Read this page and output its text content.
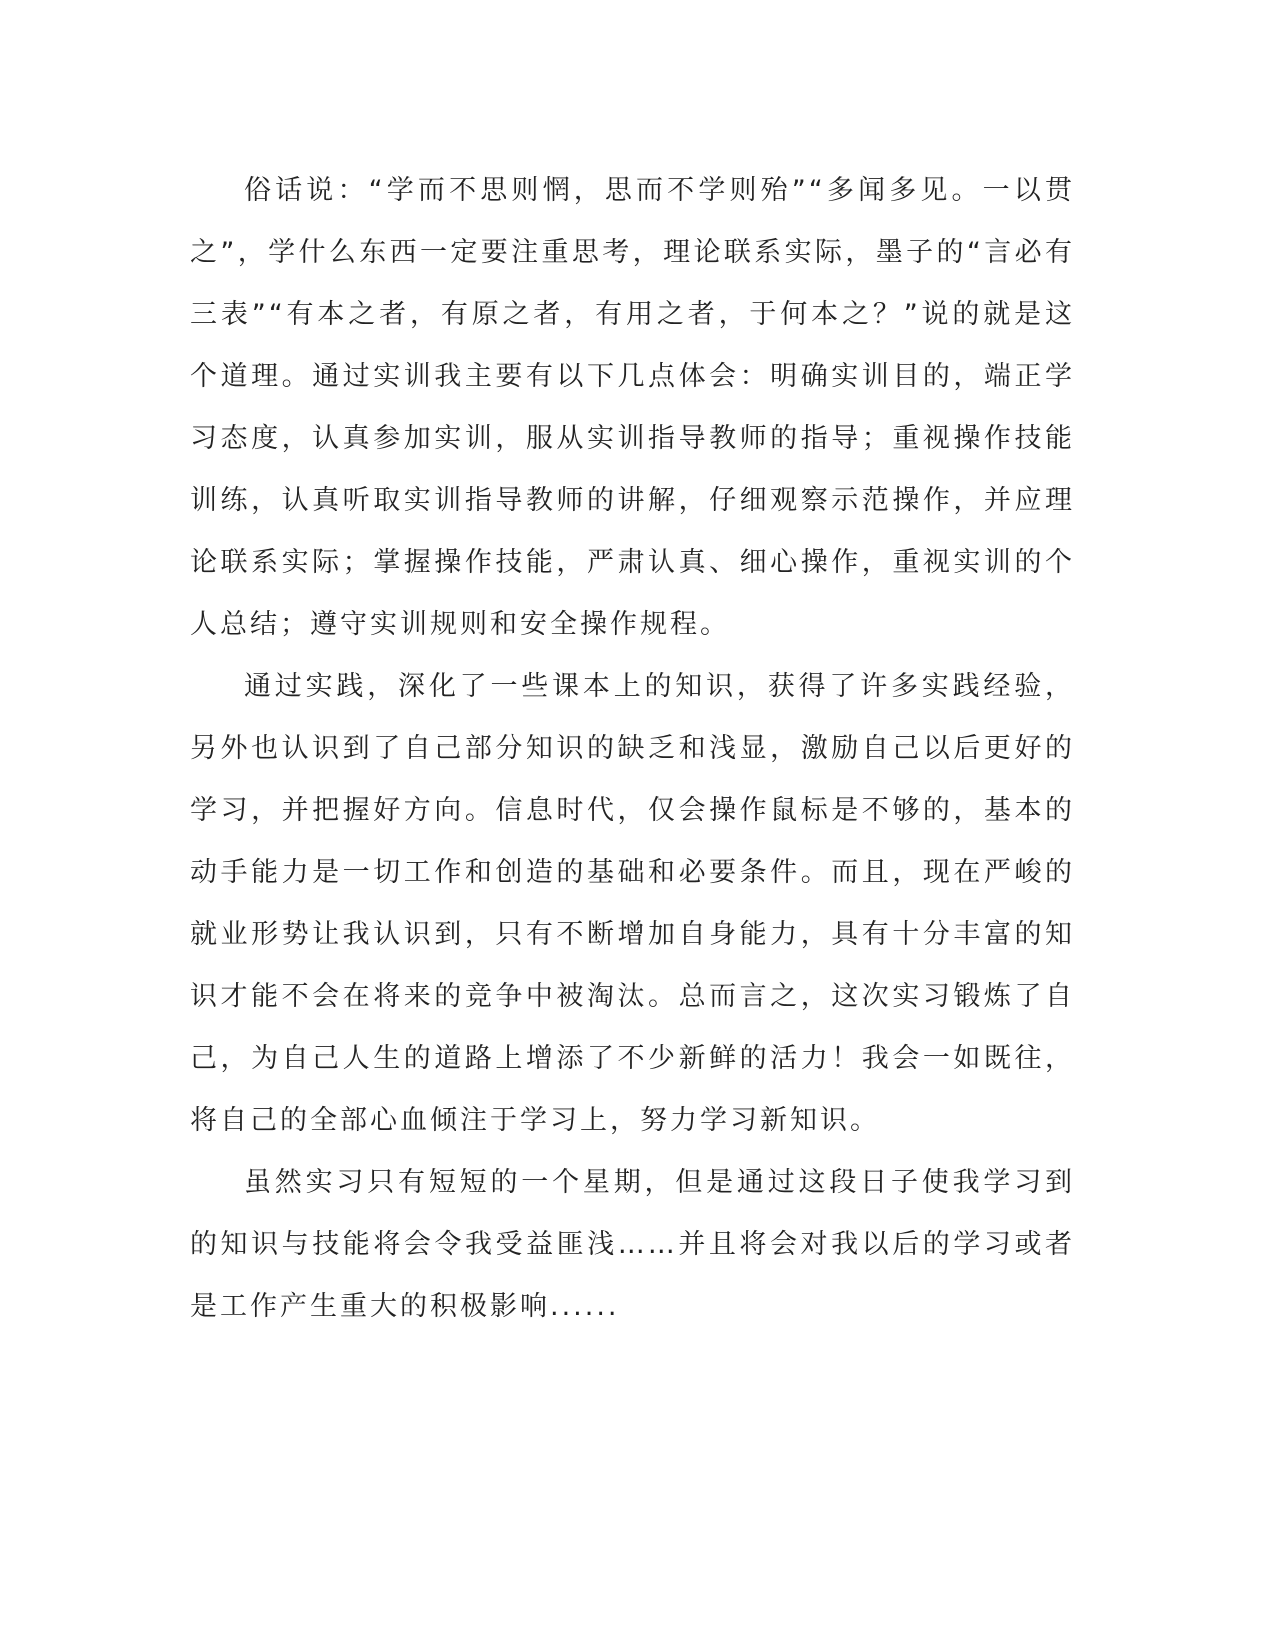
俗话说：“学而不思则惘，思而不学则殆”“多闻多见。一以贯之”，学什么东西一定要注重思考，理论联系实际，墨子的“言必有三表”“有本之者，有原之者，有用之者，于何本之？”说的就是这个道理。通过实训我主要有以下几点体会：明确实训目的，端正学习态度，认真参加实训，服从实训指导教师的指导；重视操作技能训练，认真听取实训指导教师的讲解，仔细观察示范操作，并应理论联系实际；掌握操作技能，严肃认真、细心操作，重视实训的个人总结；遵守实训规则和安全操作规程。

通过实践，深化了一些课本上的知识，获得了许多实践经验，另外也认识到了自己部分知识的缺乏和浅显，激励自己以后更好的学习，并把握好方向。信息时代，仅会操作鼠标是不够的，基本的动手能力是一切工作和创造的基础和必要条件。而且，现在严峻的就业形势让我认识到，只有不断增加自身能力，具有十分丰富的知识才能不会在将来的竞争中被淘汰。总而言之，这次实习锻炼了自己，为自己人生的道路上增添了不少新鲜的活力！我会一如既往，将自己的全部心血倾注于学习上，努力学习新知识。

虽然实习只有短短的一个星期，但是通过这段日子使我学习到的知识与技能将会令我受益匪浅……并且将会对我以后的学习或者是工作产生重大的积极影响......
